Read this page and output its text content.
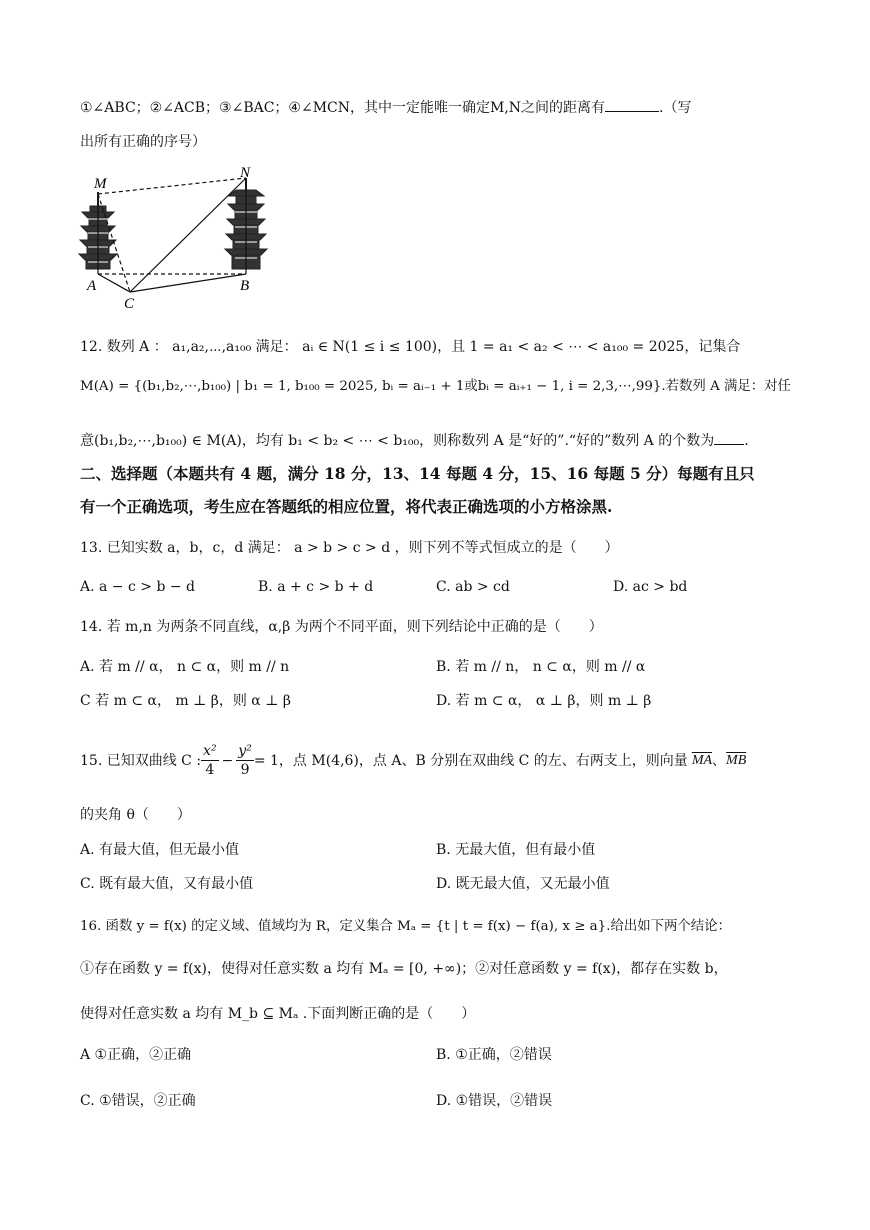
①∠ABC；②∠ACB；③∠BAC；④∠MCN，其中一定能唯一确定M,N之间的距离有	.（写
出所有正确的序号）
M
N
A	B
C
12. 数列 A ： a₁,a₂,⋯,a₁₀₀ 满足： aᵢ ∈ N(1 ≤ i ≤ 100)，且 1 = a₁ < a₂ < ⋯ < a₁₀₀ = 2025，记集合
M(A) = {(b₁,b₂,⋯,b₁₀₀) | b₁ = 1, b₁₀₀ = 2025, bᵢ = aᵢ₋₁ + 1或bᵢ = aᵢ₊₁ − 1, i = 2,3,⋯,99}.若数列 A 满足：对任
意(b₁,b₂,⋯,b₁₀₀) ∈ M(A)，均有 b₁ < b₂ < ⋯ < b₁₀₀，则称数列 A 是“好的”.“好的”数列 A 的个数为 .
二、选择题（本题共有 4 题，满分 18 分，13、14 每题 4 分，15、16 每题 5 分）每题有且只
有一个正确选项，考生应在答题纸的相应位置，将代表正确选项的小方格涂黑.
13. 已知实数 a，b，c，d 满足： a > b > c > d ，则下列不等式恒成立的是（　　）
A. a − c > b − d	B. a + c > b + d	C. ab > cd	D. ac > bd
14. 若 m,n 为两条不同直线，α,β 为两个不同平面，则下列结论中正确的是（　　）
A. 若 m // α， n ⊂ α，则 m // n	B. 若 m // n， n ⊂ α，则 m // α
C 若 m ⊂ α， m ⊥ β，则 α ⊥ β	D. 若 m ⊂ α， α ⊥ β，则 m ⊥ β
15. 已知双曲线 C : $\frac{\text{x²}}{4} - \frac{\text{y²}}{9} = 1$，点 M(4,6)，点 A、B 分别在双曲线 C 的左、右两支上，则向量 $\overline{MA}$ 、 $\overline{MB}$
的夹角 θ（　　）
A. 有最大值，但无最小值	B. 无最大值，但有最小值
C. 既有最大值，又有最小值	D. 既无最大值，又无最小值
16. 函数 y = f(x) 的定义域、值域均为 R，定义集合 Mₐ = {t | t = f(x) − f(a), x ≥ a}.给出如下两个结论：
①存在函数 y = f(x)，使得对任意实数 a 均有 Mₐ = [0, +∞)；②对任意函数 y = f(x)，都存在实数 b，
使得对任意实数 a 均有 M_b ⊆ Mₐ .下面判断正确的是（　　）
A ①正确，②正确	B. ①正确，②错误
C. ①错误，②正确	D. ①错误，②错误
